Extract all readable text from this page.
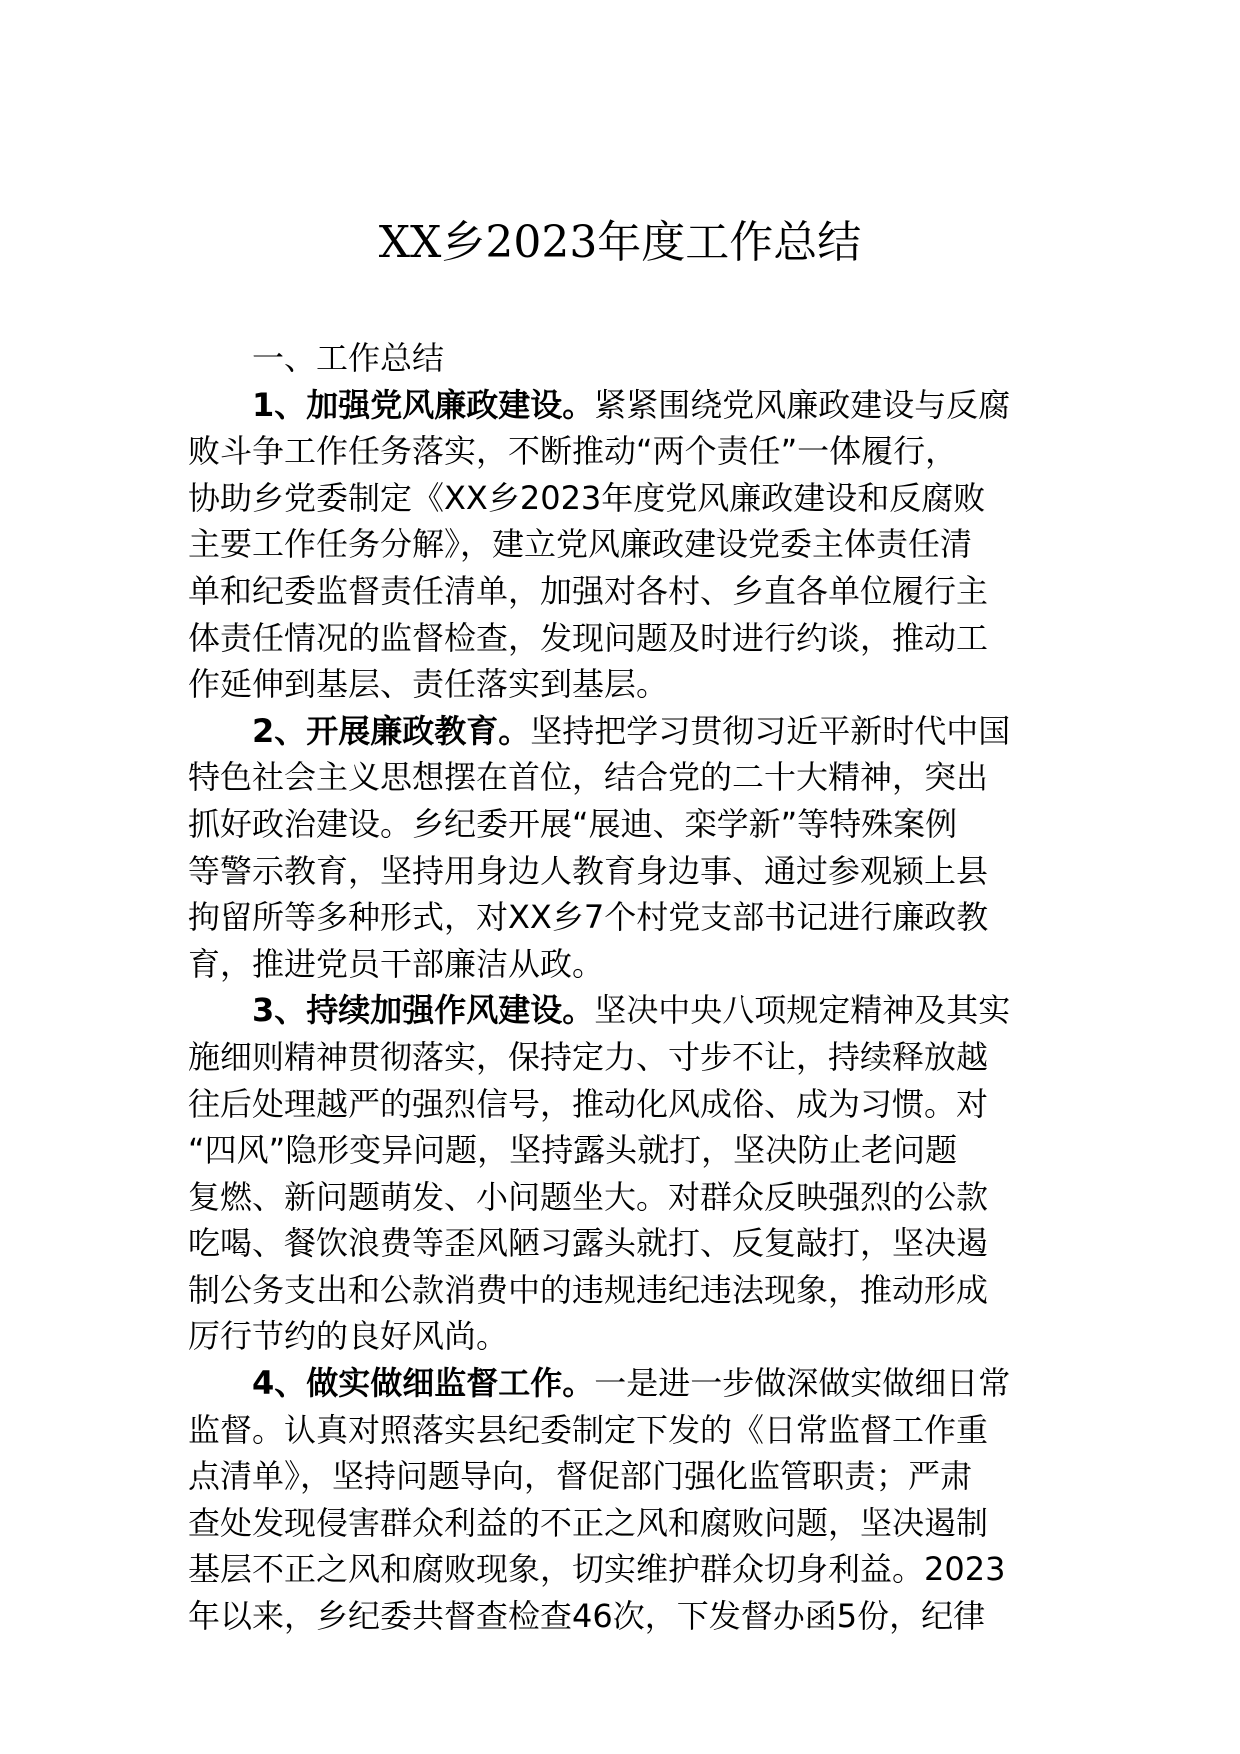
XX乡2023年度工作总结
一、工作总结
1、加强党风廉政建设。紧紧围绕党风廉政建设与反腐
败斗争工作任务落实，不断推动“两个责任”一体履行，
协助乡党委制定《XX乡2023年度党风廉政建设和反腐败
主要工作任务分解》，建立党风廉政建设党委主体责任清
单和纪委监督责任清单，加强对各村、乡直各单位履行主
体责任情况的监督检查，发现问题及时进行约谈，推动工
作延伸到基层、责任落实到基层。
2、开展廉政教育。坚持把学习贯彻习近平新时代中国
特色社会主义思想摆在首位，结合党的二十大精神，突出
抓好政治建设。乡纪委开展“展迪、栾学新”等特殊案例
等警示教育，坚持用身边人教育身边事、通过参观颍上县
拘留所等多种形式，对XX乡7个村党支部书记进行廉政教
育，推进党员干部廉洁从政。
3、持续加强作风建设。坚决中央八项规定精神及其实
施细则精神贯彻落实，保持定力、寸步不让，持续释放越
往后处理越严的强烈信号，推动化风成俗、成为习惯。对
“四风”隐形变异问题，坚持露头就打，坚决防止老问题
复燃、新问题萌发、小问题坐大。对群众反映强烈的公款
吃喝、餐饮浪费等歪风陋习露头就打、反复敲打，坚决遏
制公务支出和公款消费中的违规违纪违法现象，推动形成
厉行节约的良好风尚。
4、做实做细监督工作。一是进一步做深做实做细日常
监督。认真对照落实县纪委制定下发的《日常监督工作重
点清单》，坚持问题导向，督促部门强化监管职责；严肃
查处发现侵害群众利益的不正之风和腐败问题，坚决遏制
基层不正之风和腐败现象，切实维护群众切身利益。2023
年以来，乡纪委共督查检查46次，下发督办函5份，纪律
